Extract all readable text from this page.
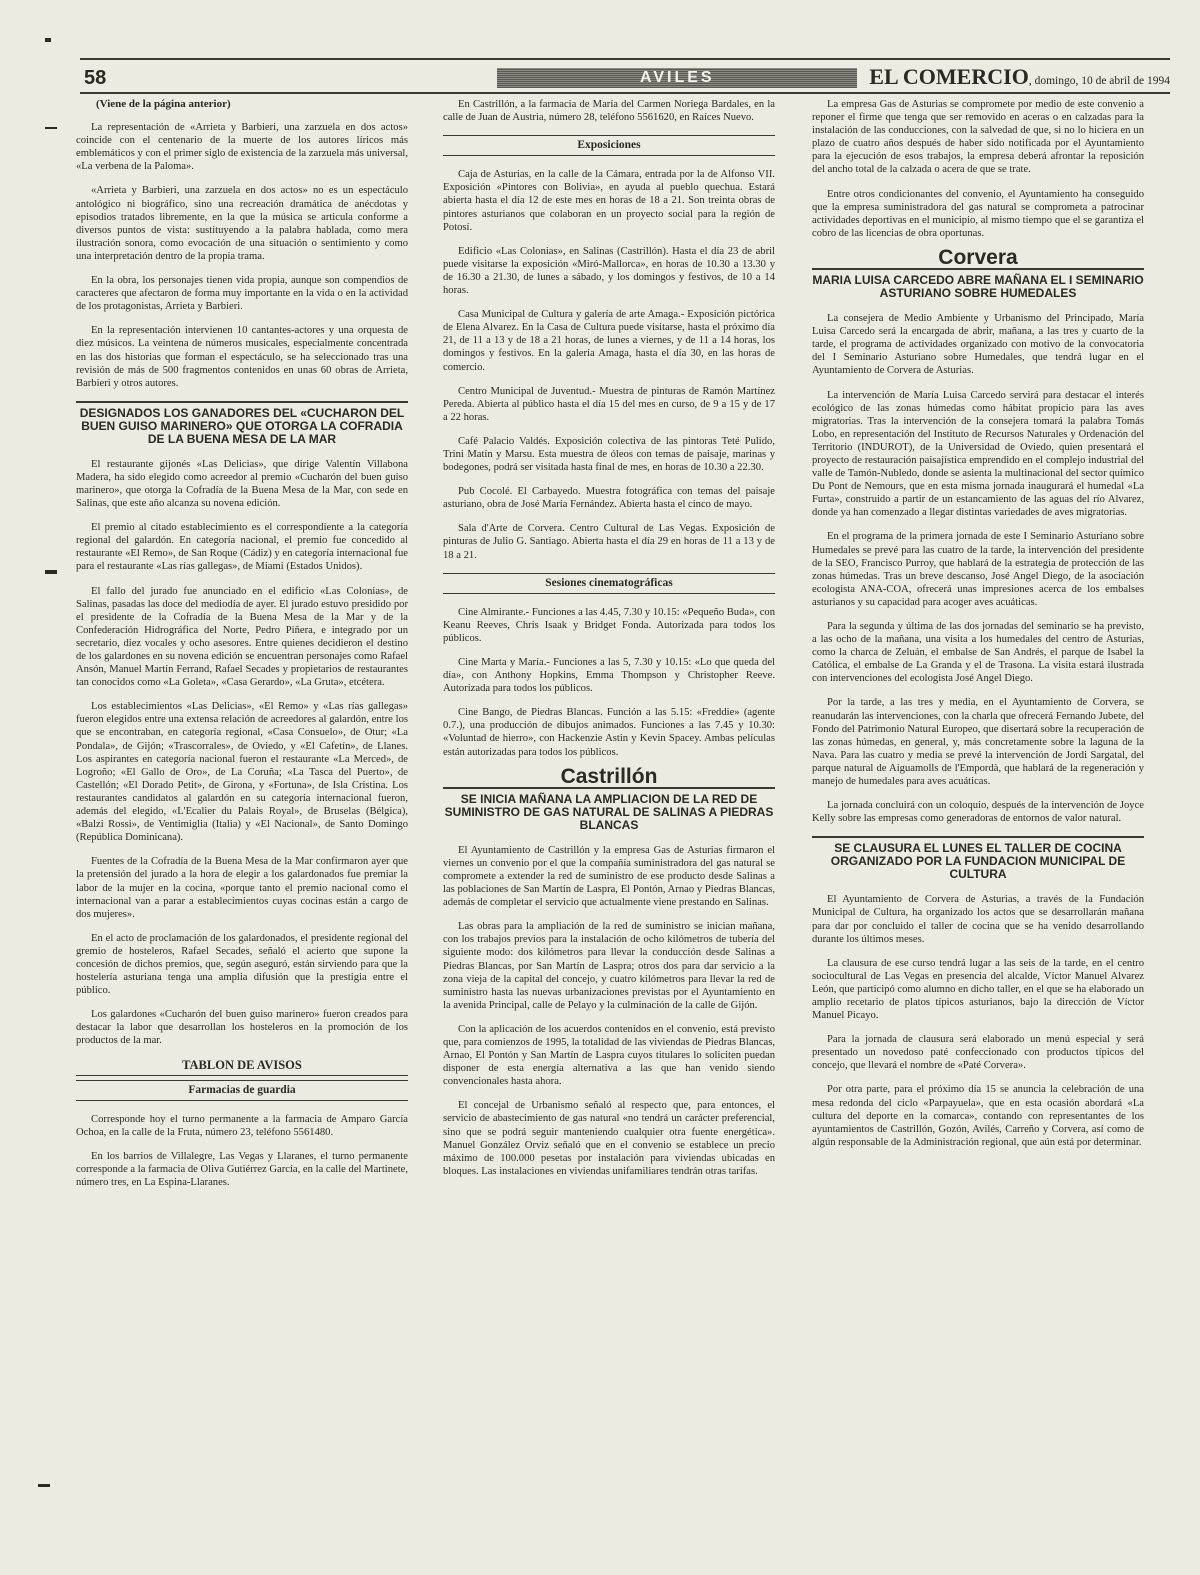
58	AVILES	EL COMERCIO, domingo, 10 de abril de 1994

(Viene de la página anterior)

La representación de «Arrieta y Barbieri, una zarzuela en dos actos» coincide con el centenario de la muerte de los autores líricos más emblemáticos y con el primer siglo de existencia de la zarzuela más universal, «La verbena de la Paloma».

«Arrieta y Barbieri, una zarzuela en dos actos» no es un espectáculo antológico ni biográfico, sino una recreación dramática de anécdotas y episodios tratados libremente, en la que la música se articula conforme a diversos puntos de vista: sustituyendo a la palabra hablada, como mera ilustración sonora, como evocación de una situación o sentimiento y como una interpretación dentro de la propia trama.

En la obra, los personajes tienen vida propia, aunque son compendios de caracteres que afectaron de forma muy importante en la vida o en la actividad de los protagonistas, Arrieta y Barbieri.

En la representación intervienen 10 cantantes-actores y una orquesta de diez músicos. La veintena de números musicales, especialmente concentrada en las dos historias que forman el espectáculo, se ha seleccionado tras una revisión de más de 500 fragmentos contenidos en unas 60 obras de Arrieta, Barbieri y otros autores.

DESIGNADOS LOS GANADORES DEL «CUCHARON DEL BUEN GUISO MARINERO» QUE OTORGA LA COFRADIA DE LA BUENA MESA DE LA MAR

El restaurante gijonés «Las Delicias», que dirige Valentín Villabona Madera, ha sido elegido como acreedor al premio «Cucharón del buen guiso marinero», que otorga la Cofradía de la Buena Mesa de la Mar, con sede en Salinas, que este año alcanza su novena edición.

El premio al citado establecimiento es el correspondiente a la categoría regional del galardón. En categoría nacional, el premio fue concedido al restaurante «El Remo», de San Roque (Cádiz) y en categoría internacional fue para el restaurante «Las rías gallegas», de Miami (Estados Unidos).

El fallo del jurado fue anunciado en el edificio «Las Colonias», de Salinas, pasadas las doce del mediodía de ayer. El jurado estuvo presidido por el presidente de la Cofradía de la Buena Mesa de la Mar y de la Confederación Hidrográfica del Norte, Pedro Piñera, e integrado por un secretario, diez vocales y ocho asesores. Entre quienes decidieron el destino de los galardones en su novena edición se encuentran personajes como Rafael Ansón, Manuel Martín Ferrand, Rafael Secades y propietarios de restaurantes tan conocidos como «La Goleta», «Casa Gerardo», «La Gruta», etcétera.

Los establecimientos «Las Delicias», «El Remo» y «Las rías gallegas» fueron elegidos entre una extensa relación de acreedores al galardón, entre los que se encontraban, en categoría regional, «Casa Consuelo», de Otur; «La Pondala», de Gijón; «Trascorrales», de Oviedo, y «El Cafetín», de Llanes. Los aspirantes en categoría nacional fueron el restaurante «La Merced», de Logroño; «El Gallo de Oro», de La Coruña; «La Tasca del Puerto», de Castellón; «El Dorado Petit», de Girona, y «Fortuna», de Isla Cristina. Los restaurantes candidatos al galardón en su categoría internacional fueron, además del elegido, «L'Ecalier du Palais Royal», de Bruselas (Bélgica), «Balzi Rossi», de Ventimiglia (Italia) y «El Nacional», de Santo Domingo (República Dominicana).

Fuentes de la Cofradía de la Buena Mesa de la Mar confirmaron ayer que la pretensión del jurado a la hora de elegir a los galardonados fue premiar la labor de la mujer en la cocina, «porque tanto el premio nacional como el internacional van a parar a establecimientos cuyas cocinas están a cargo de dos mujeres».

En el acto de proclamación de los galardonados, el presidente regional del gremio de hosteleros, Rafael Secades, señaló el acierto que supone la concesión de dichos premios, que, según aseguró, están sirviendo para que la hostelería asturiana tenga una amplia difusión que la prestigia entre el público.

Los galardones «Cucharón del buen guiso marinero» fueron creados para destacar la labor que desarrollan los hosteleros en la promoción de los productos de la mar.

TABLON DE AVISOS
Farmacias de guardia

Corresponde hoy el turno permanente a la farmacia de Amparo García Ochoa, en la calle de la Fruta, número 23, teléfono 5561480.

En los barrios de Villalegre, Las Vegas y Llaranes, el turno permanente corresponde a la farmacia de Oliva Gutiérrez García, en la calle del Martinete, número tres, en La Espina-Llaranes.

En Castrillón, a la farmacia de María del Carmen Noriega Bardales, en la calle de Juan de Austria, número 28, teléfono 5561620, en Raíces Nuevo.

Exposiciones

Caja de Asturias, en la calle de la Cámara, entrada por la de Alfonso VII. Exposición «Pintores con Bolivia», en ayuda al pueblo quechua. Estará abierta hasta el día 12 de este mes en horas de 18 a 21. Son treinta obras de pintores asturianos que colaboran en un proyecto social para la región de Potosí.

Edificio «Las Colonias», en Salinas (Castrillón). Hasta el día 23 de abril puede visitarse la exposición «Miró-Mallorca», en horas de 10.30 a 13.30 y de 16.30 a 21.30, de lunes a sábado, y los domingos y festivos, de 10 a 14 horas.

Casa Municipal de Cultura y galería de arte Amaga.- Exposición pictórica de Elena Alvarez. En la Casa de Cultura puede visitarse, hasta el próximo día 21, de 11 a 13 y de 18 a 21 horas, de lunes a viernes, y de 11 a 14 horas, los domingos y festivos. En la galería Amaga, hasta el día 30, en las horas de comercio.

Centro Municipal de Juventud.- Muestra de pinturas de Ramón Martínez Pereda. Abierta al público hasta el día 15 del mes en curso, de 9 a 15 y de 17 a 22 horas.

Café Palacio Valdés. Exposición colectiva de las pintoras Teté Pulido, Trini Matín y Marsu. Esta muestra de óleos con temas de paisaje, marinas y bodegones, podrá ser visitada hasta final de mes, en horas de 10.30 a 22.30.

Pub Cocolé. El Carbayedo. Muestra fotográfica con temas del paisaje asturiano, obra de José María Fernández. Abierta hasta el cinco de mayo.

Sala d'Arte de Corvera. Centro Cultural de Las Vegas. Exposición de pinturas de Julio G. Santiago. Abierta hasta el día 29 en horas de 11 a 13 y de 18 a 21.

Sesiones cinematográficas

Cine Almirante.- Funciones a las 4.45, 7.30 y 10.15: «Pequeño Buda», con Keanu Reeves, Chris Isaak y Bridget Fonda. Autorizada para todos los públicos.

Cine Marta y María.- Funciones a las 5, 7.30 y 10.15: «Lo que queda del día», con Anthony Hopkins, Emma Thompson y Christopher Reeve. Autorizada para todos los públicos.

Cine Bango, de Piedras Blancas. Función a las 5.15: «Freddie» (agente 0.7.), una producción de dibujos animados. Funciones a las 7.45 y 10.30: «Voluntad de hierro», con Hackenzie Astin y Kevin Spacey. Ambas películas están autorizadas para todos los públicos.

Castrillón
SE INICIA MAÑANA LA AMPLIACION DE LA RED DE SUMINISTRO DE GAS NATURAL DE SALINAS A PIEDRAS BLANCAS

El Ayuntamiento de Castrillón y la empresa Gas de Asturias firmaron el viernes un convenio por el que la compañía suministradora del gas natural se compromete a extender la red de suministro de ese producto desde Salinas a las poblaciones de San Martín de Laspra, El Pontón, Arnao y Piedras Blancas, además de completar el servicio que actualmente viene prestando en Salinas.

Las obras para la ampliación de la red de suministro se inician mañana, con los trabajos previos para la instalación de ocho kilómetros de tubería del siguiente modo: dos kilómetros para llevar la conducción desde Salinas a Piedras Blancas, por San Martín de Laspra; otros dos para dar servicio a la zona vieja de la capital del concejo, y cuatro kilómetros para llevar la red de suministro hasta las nuevas urbanizaciones previstas por el Ayuntamiento en la avenida Principal, calle de Pelayo y la culminación de la calle de Gijón.

Con la aplicación de los acuerdos contenidos en el convenio, está previsto que, para comienzos de 1995, la totalidad de las viviendas de Piedras Blancas, Arnao, El Pontón y San Martín de Laspra cuyos titulares lo soliciten puedan disponer de esta energía alternativa a las que han venido siendo convencionales hasta ahora.

El concejal de Urbanismo señaló al respecto que, para entonces, el servicio de abastecimiento de gas natural «no tendrá un carácter preferencial, sino que se podrá seguir manteniendo cualquier otra fuente energética». Manuel González Orviz señaló que en el convenio se establece un precio máximo de 100.000 pesetas por instalación para viviendas ubicadas en bloques. Las instalaciones en viviendas unifamiliares tendrán otras tarifas.

La empresa Gas de Asturias se compromete por medio de este convenio a reponer el firme que tenga que ser removido en aceras o en calzadas para la instalación de las conducciones, con la salvedad de que, si no lo hiciera en un plazo de cuatro años después de haber sido notificada por el Ayuntamiento para la ejecución de esos trabajos, la empresa deberá afrontar la reposición del ancho total de la calzada o acera de que se trate.

Entre otros condicionantes del convenio, el Ayuntamiento ha conseguido que la empresa suministradora del gas natural se comprometa a patrocinar actividades deportivas en el municipio, al mismo tiempo que el se garantiza el cobro de las licencias de obra oportunas.

Corvera
MARIA LUISA CARCEDO ABRE MAÑANA EL I SEMINARIO ASTURIANO SOBRE HUMEDALES

La consejera de Medio Ambiente y Urbanismo del Principado, María Luisa Carcedo será la encargada de abrir, mañana, a las tres y cuarto de la tarde, el programa de actividades organizado con motivo de la convocatoria del I Seminario Asturiano sobre Humedales, que tendrá lugar en el Ayuntamiento de Corvera de Asturias.

La intervención de María Luisa Carcedo servirá para destacar el interés ecológico de las zonas húmedas como hábitat propicio para las aves migratorias. Tras la intervención de la consejera tomará la palabra Tomás Lobo, en representación del Instituto de Recursos Naturales y Ordenación del Territorio (INDUROT), de la Universidad de Oviedo, quien presentará el proyecto de restauración paisajística emprendido en el complejo industrial del valle de Tamón-Nubledo, donde se asienta la multinacional del sector químico Du Pont de Nemours, que en esta misma jornada inaugurará el humedal «La Furta», construido a partir de un estancamiento de las aguas del río Alvarez, donde ya han comenzado a llegar distintas variedades de aves migratorias.

En el programa de la primera jornada de este I Seminario Asturiano sobre Humedales se prevé para las cuatro de la tarde, la intervención del presidente de la SEO, Francisco Purroy, que hablará de la estrategia de protección de las zonas húmedas. Tras un breve descanso, José Angel Diego, de la asociación ecologista ANA-COA, ofrecerá unas impresiones acerca de los embalses asturianos y su capacidad para acoger aves acuáticas.

Para la segunda y última de las dos jornadas del seminario se ha previsto, a las ocho de la mañana, una visita a los humedales del centro de Asturias, como la charca de Zeluán, el embalse de San Andrés, el parque de Isabel la Católica, el embalse de La Granda y el de Trasona. La visita estará ilustrada con intervenciones del ecologista José Angel Diego.

Por la tarde, a las tres y media, en el Ayuntamiento de Corvera, se reanudarán las intervenciones, con la charla que ofrecerá Fernando Jubete, del Fondo del Patrimonio Natural Europeo, que disertará sobre la recuperación de las zonas húmedas, en general, y, más concretamente sobre la laguna de la Nava. Para las cuatro y media se prevé la intervención de Jordi Sargatal, del parque natural de Aiguamolls de l'Empordà, que hablará de la regeneración y manejo de humedales para aves acuáticas.

La jornada concluirá con un coloquio, después de la intervención de Joyce Kelly sobre las empresas como generadoras de entornos de valor natural.

SE CLAUSURA EL LUNES EL TALLER DE COCINA ORGANIZADO POR LA FUNDACION MUNICIPAL DE CULTURA

El Ayuntamiento de Corvera de Asturias, a través de la Fundación Municipal de Cultura, ha organizado los actos que se desarrollarán mañana para dar por concluido el taller de cocina que se ha venido desarrollando durante los últimos meses.

La clausura de ese curso tendrá lugar a las seis de la tarde, en el centro sociocultural de Las Vegas en presencia del alcalde, Víctor Manuel Alvarez León, que participó como alumno en dicho taller, en el que se ha elaborado un amplio recetario de platos típicos asturianos, bajo la dirección de Víctor Manuel Picayo.

Para la jornada de clausura será elaborado un menú especial y será presentado un novedoso paté confeccionado con productos típicos del concejo, que llevará el nombre de «Paté Corvera».

Por otra parte, para el próximo día 15 se anuncia la celebración de una mesa redonda del ciclo «Parpayuela», que en esta ocasión abordará «La cultura del deporte en la comarca», contando con representantes de los ayuntamientos de Castrillón, Gozón, Avilés, Carreño y Corvera, así como de algún responsable de la Administración regional, que aún está por determinar.
